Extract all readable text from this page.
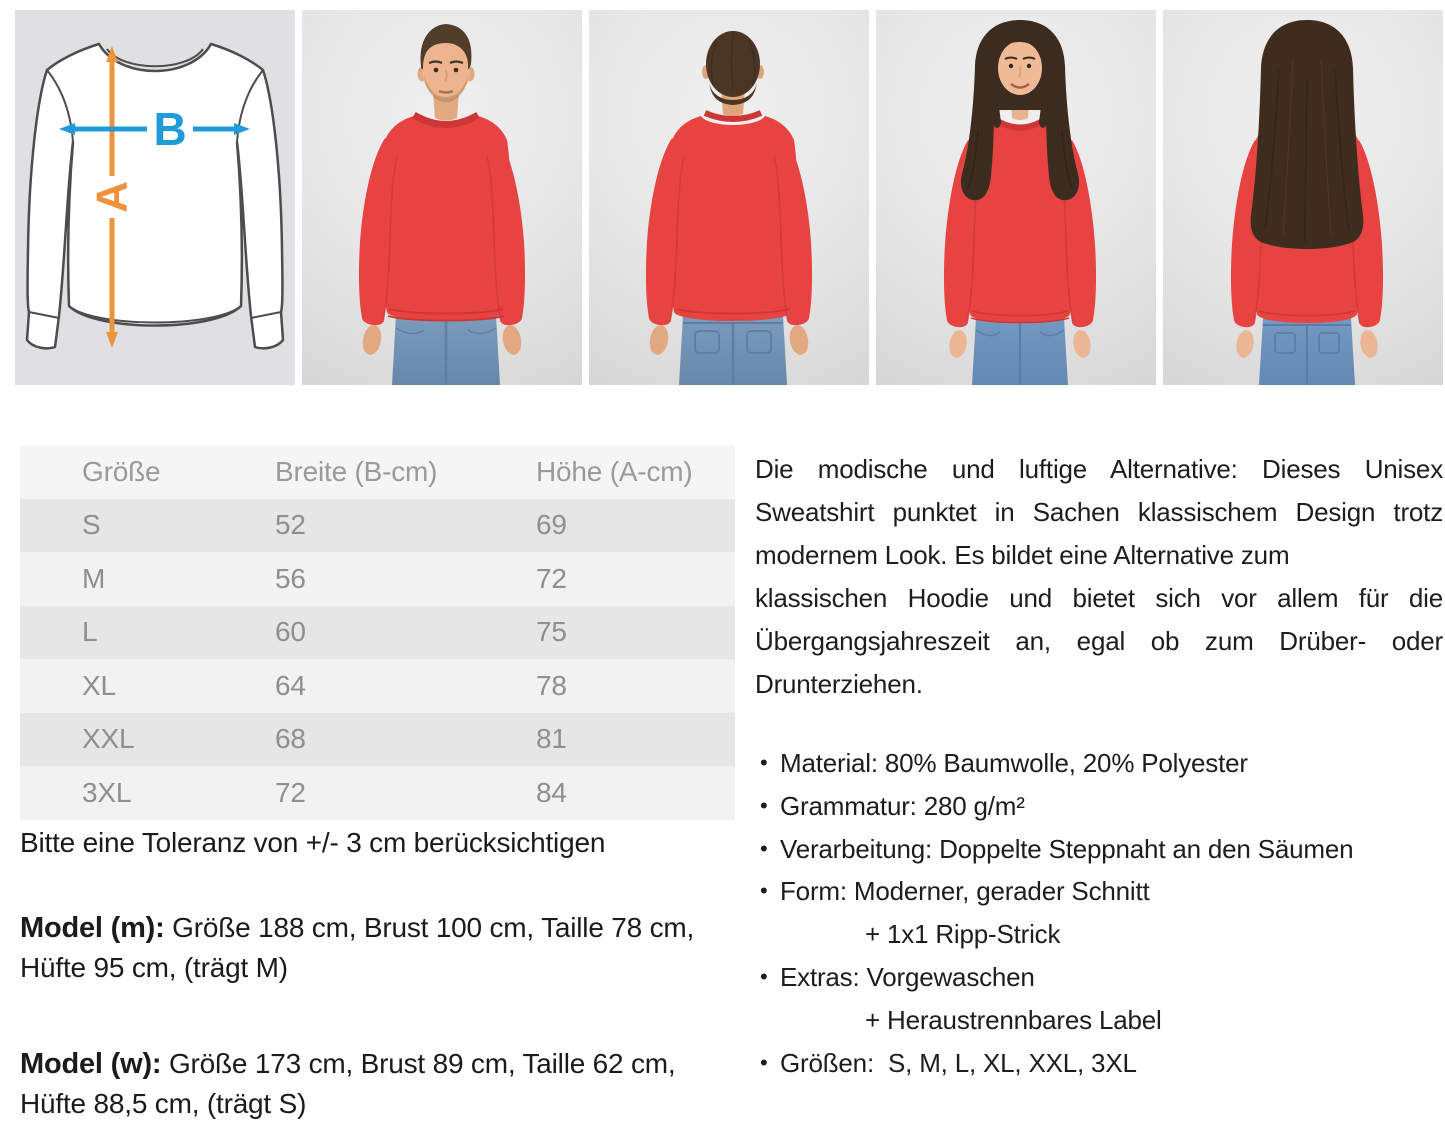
A
B
Größe	Breite (B-cm)	Höhe (A-cm)
S	52	69
M	56	72
L	60	75
XL	64	78
XXL	68	81
3XL	72	84
Bitte eine Toleranz von +/- 3 cm berücksichtigen

Model (m): Größe 188 cm, Brust 100 cm, Taille 78 cm, Hüfte 95 cm, (trägt M)

Model (w): Größe 173 cm, Brust 89 cm, Taille 62 cm, Hüfte 88,5 cm, (trägt S)

Die modische und luftige Alternative: Dieses Unisex
Sweatshirt punktet in Sachen klassischem Design trotz
modernem Look. Es bildet eine Alternative zum
klassischen Hoodie und bietet sich vor allem für die
Übergangsjahreszeit an, egal ob zum Drüber- oder
Drunterziehen.
• Material: 80% Baumwolle, 20% Polyester
• Grammatur: 280 g/m²
• Verarbeitung: Doppelte Steppnaht an den Säumen
• Form: Moderner, gerader Schnitt
+ 1x1 Ripp-Strick
• Extras: Vorgewaschen
+ Heraustrennbares Label
• Größen:  S, M, L, XL, XXL, 3XL
